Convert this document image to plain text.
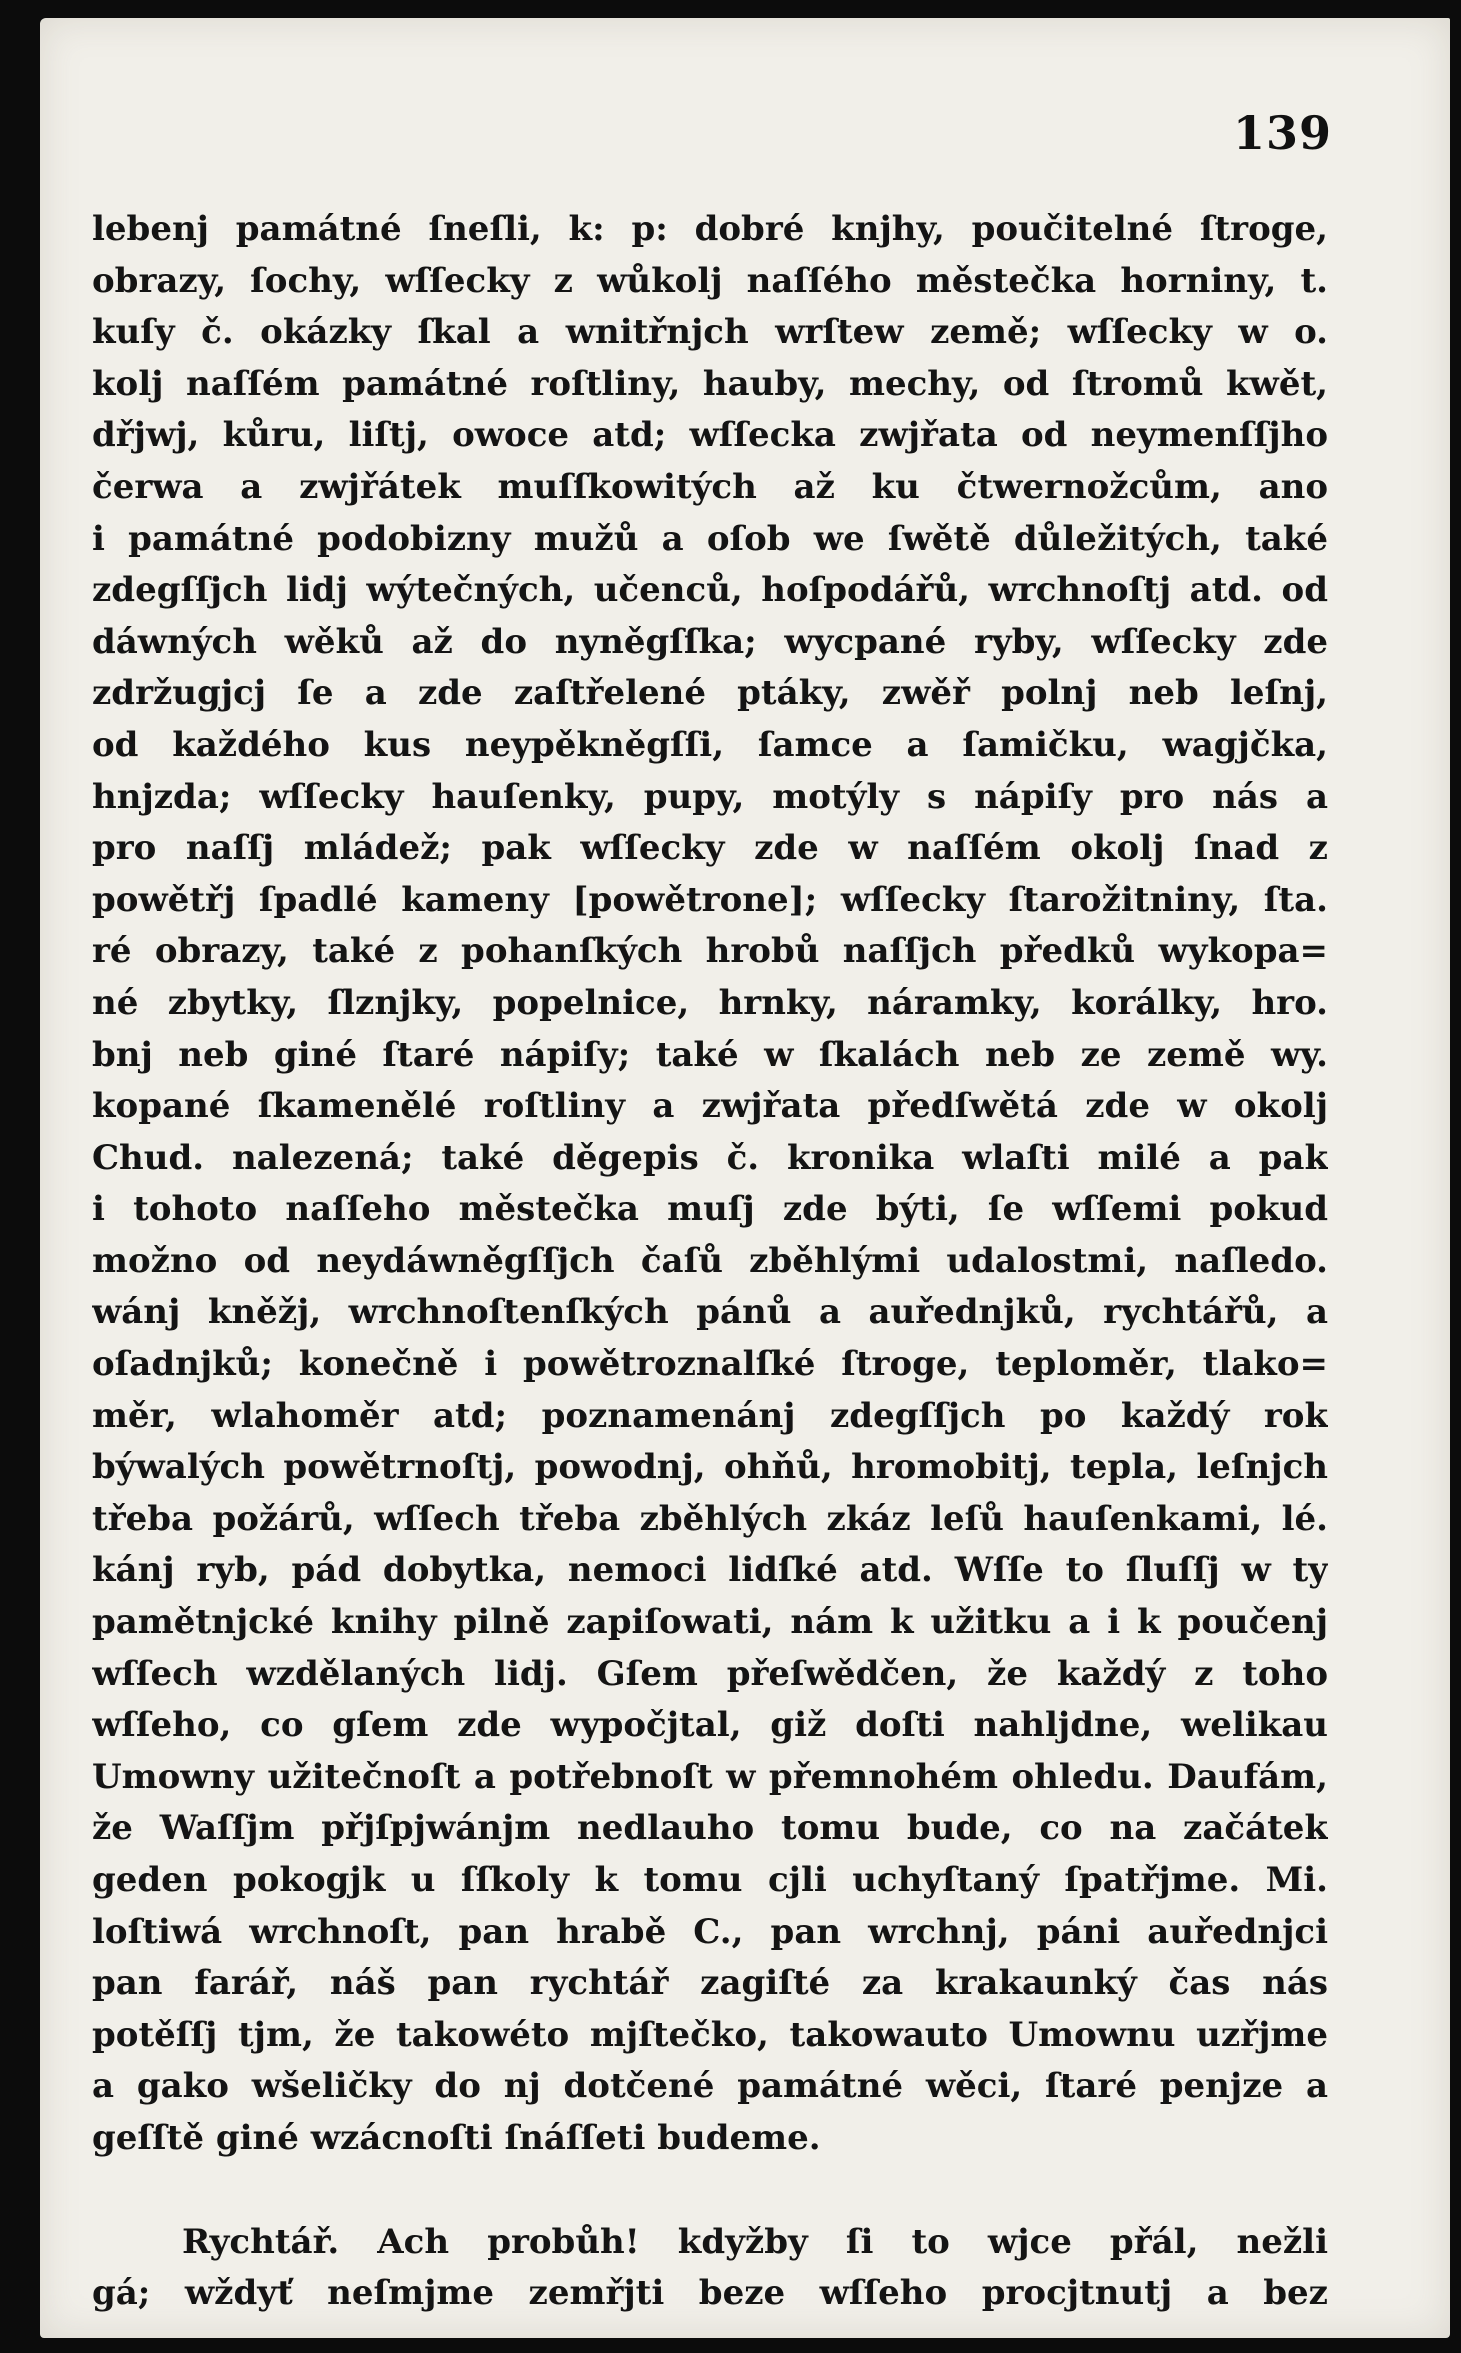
139
lebenj památné ſneſli, k: p: dobré knjhy, poučitelné ſtroge,
obrazy, ſochy, wſſecky z wůkolj naſſého městečka horniny, t.
kuſy č. okázky ſkal a wnitřnjch wrſtew země; wſſecky w o.
kolj naſſém památné roſtliny, hauby, mechy, od ſtromů kwět,
dřjwj, kůru, liſtj, owoce atd; wſſecka zwjřata od neymenſſjho
čerwa a zwjřátek muſſkowitých až ku čtwernožcům, ano
i památné podobizny mužů a oſob we ſwětě důležitých, také
zdegſſjch lidj wýtečných, učenců, hoſpodářů, wrchnoſtj atd. od
dáwných wěků až do nyněgſſka; wycpané ryby, wſſecky zde
zdržugjcj ſe a zde zaſtřelené ptáky, zwěř polnj neb leſnj,
od každého kus neypěkněgſſi, ſamce a ſamičku, wagjčka,
hnjzda; wſſecky hauſenky, pupy, motýly s nápiſy pro nás a
pro naſſj mládež; pak wſſecky zde w naſſém okolj ſnad z
powětřj ſpadlé kameny [powětrone]; wſſecky ſtarožitniny, ſta.
ré obrazy, také z pohanſkých hrobů naſſjch předků wykopa=
né zbytky, ſlznjky, popelnice, hrnky, náramky, korálky, hro.
bnj neb giné ſtaré nápiſy; také w ſkalách neb ze země wy.
kopané ſkamenělé roſtliny a zwjřata předſwětá zde w okolj
Chud. nalezená; také děgepis č. kronika wlaſti milé a pak
i tohoto naſſeho městečka muſj zde býti, ſe wſſemi pokud
možno od neydáwněgſſjch čaſů zběhlými udalostmi, naſledo.
wánj kněžj, wrchnoſtenſkých pánů a auřednjků, rychtářů, a
oſadnjků; konečně i powětroznalſké ſtroge, teploměr, tlako=
měr, wlahoměr atd; poznamenánj zdegſſjch po každý rok
býwalých powětrnoſtj, powodnj, ohňů, hromobitj, tepla, leſnjch
třeba požárů, wſſech třeba zběhlých zkáz leſů hauſenkami, lé.
kánj ryb, pád dobytka, nemoci lidſké atd. Wſſe to ſluſſj w ty
pamětnjcké knihy pilně zapiſowati, nám k užitku a i k poučenj
wſſech wzdělaných lidj. Gſem přeſwědčen, že každý z toho
wſſeho, co gſem zde wypočjtal, giž doſti nahljdne, welikau
Umowny užitečnoſt a potřebnoſt w přemnohém ohledu. Daufám,
že Waſſjm přjſpjwánjm nedlauho tomu bude, co na začátek
geden pokogjk u ſſkoly k tomu cjli uchyſtaný ſpatřjme. Mi.
loſtiwá wrchnoſt, pan hrabě C., pan wrchnj, páni auřednjci
pan farář, náš pan rychtář zagiſté za krakaunký čas nás
potěſſj tjm, že takowéto mjſtečko, takowauto Umownu uzřjme
a gako wšeličky do nj dotčené památné wěci, ſtaré penjze a
geſſtě giné wzácnoſti ſnáſſeti budeme.
Rychtář. Ach probůh! kdyžby ſi to wjce přál, nežli
gá; wždyť neſmjme zemřjti beze wſſeho procjtnutj a bez
